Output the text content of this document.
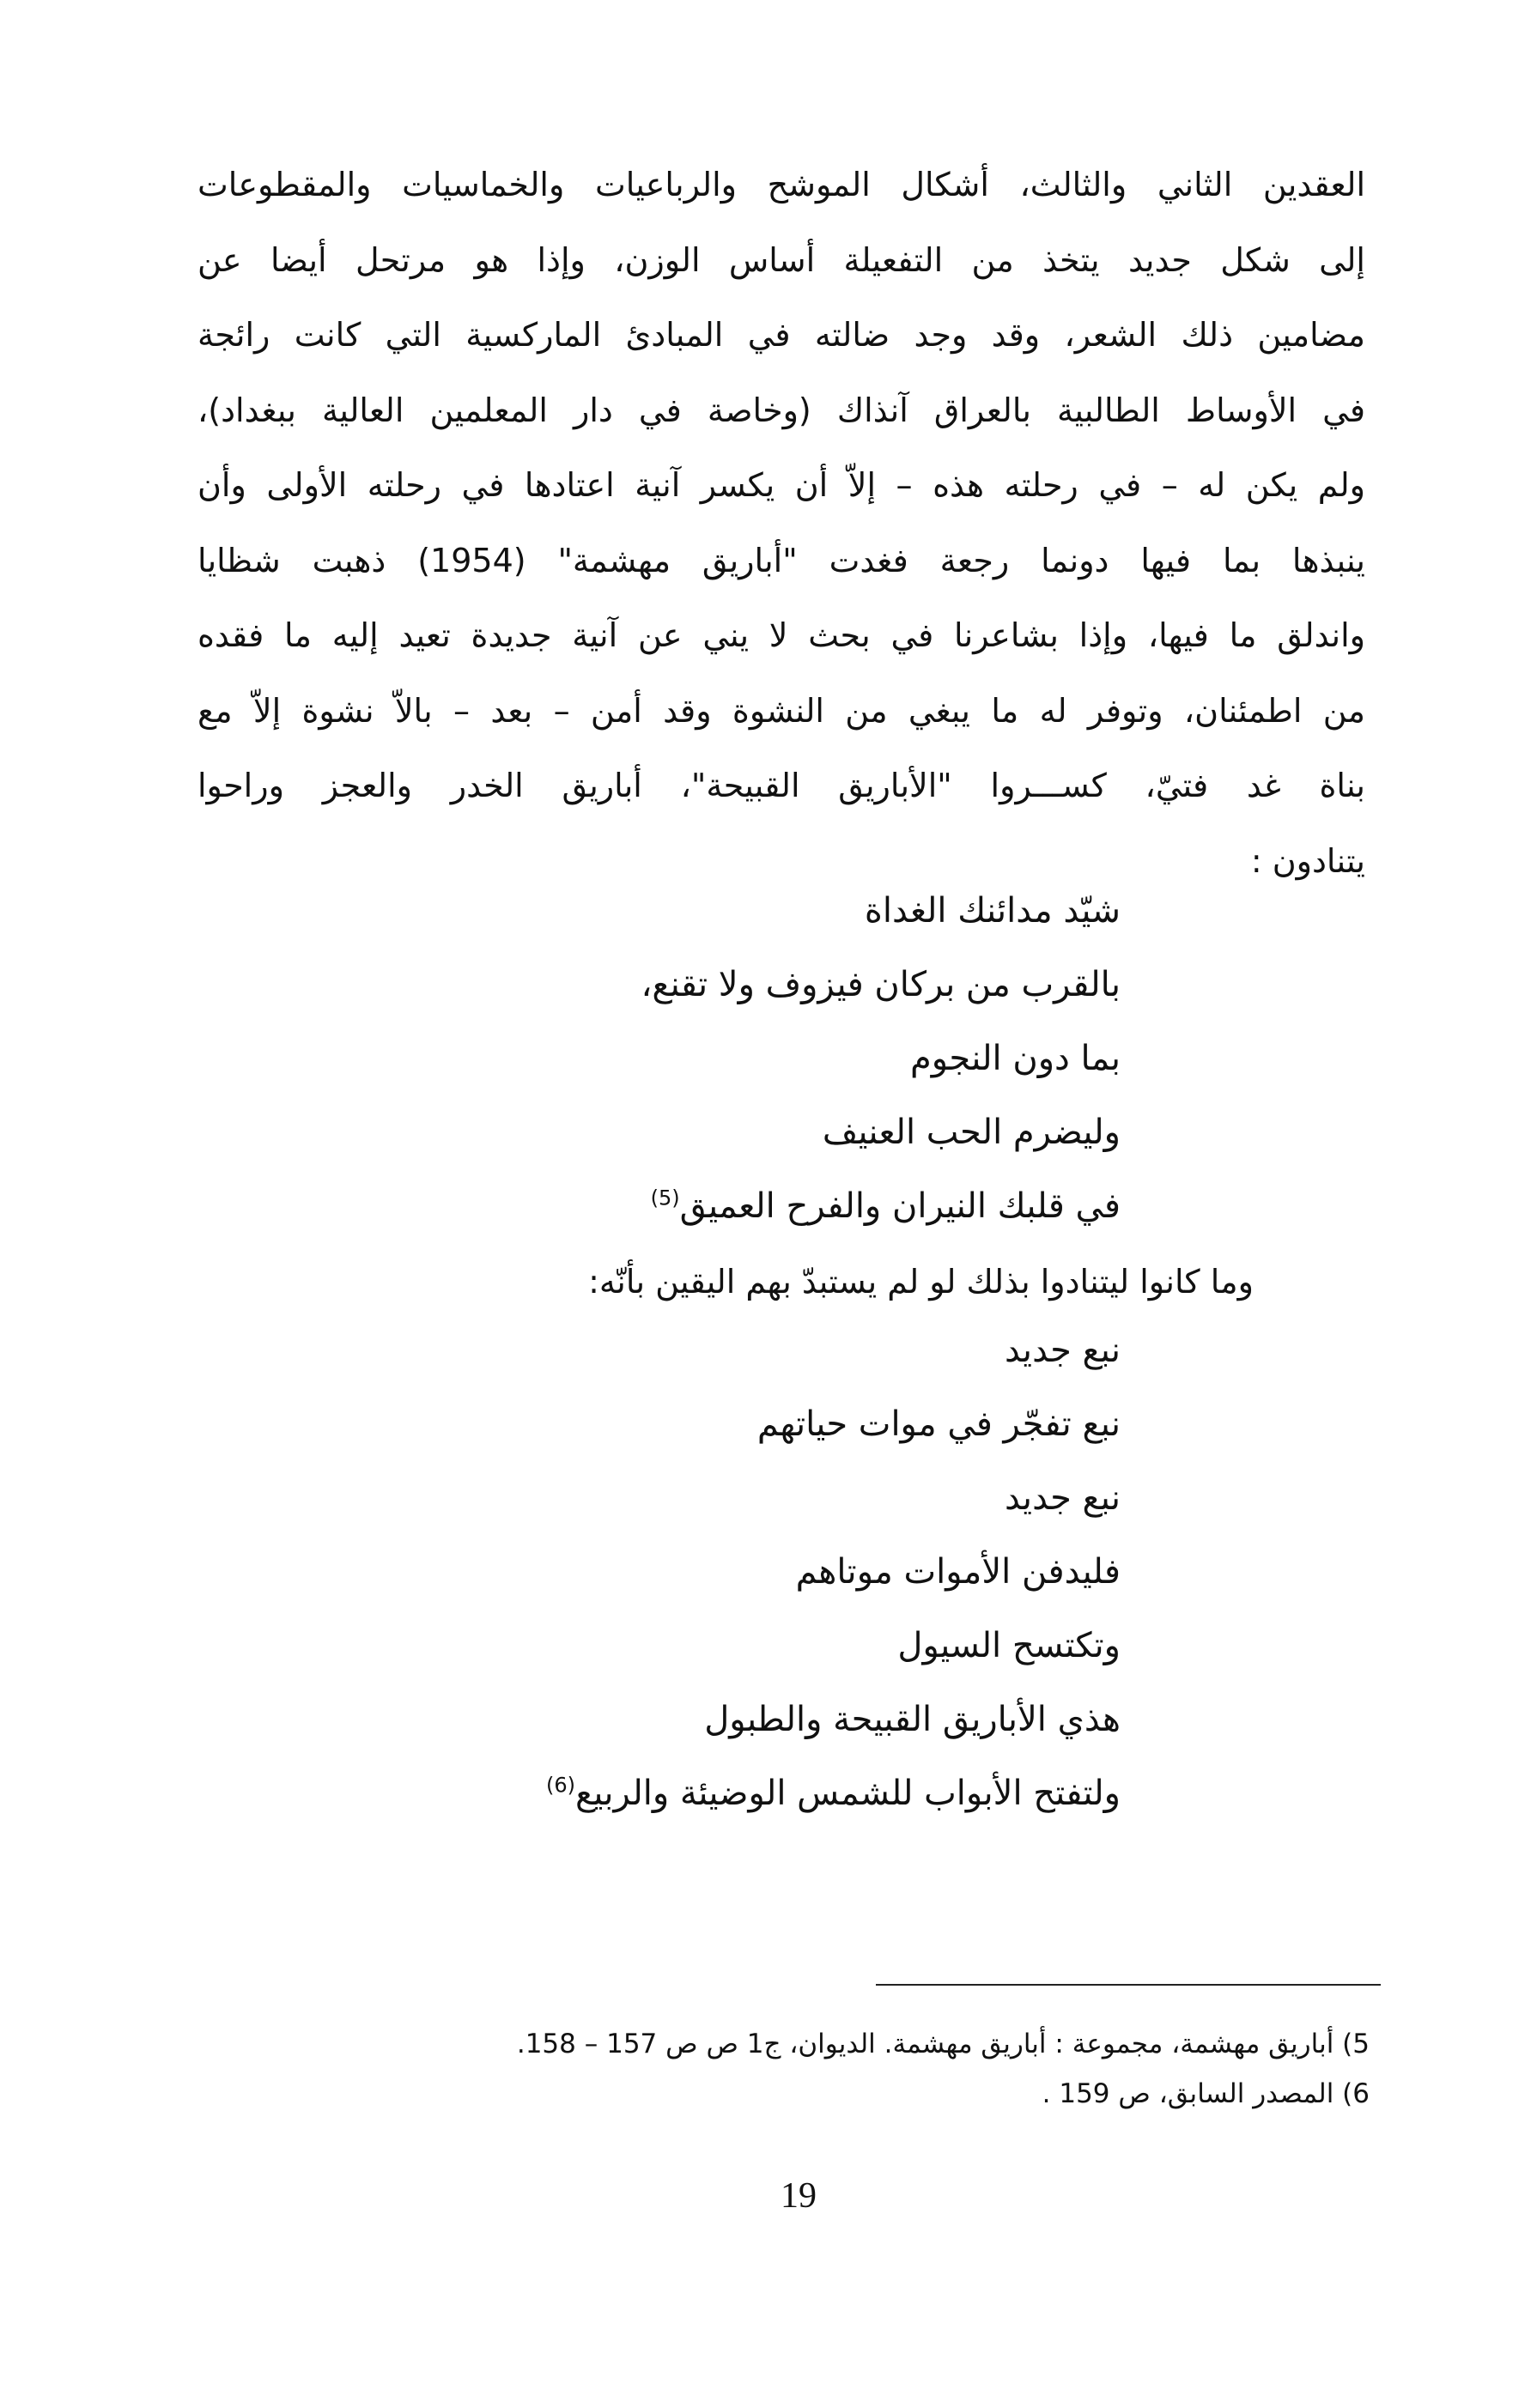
العقدين الثاني والثالث، أشكال الموشح والرباعيات والخماسيات والمقطوعات
إلى شكل جديد يتخذ من التفعيلة أساس الوزن، وإذا هو مرتحل أيضا عن
مضامين ذلك الشعر، وقد وجد ضالته في المبادئ الماركسية التي كانت رائجة
في الأوساط الطالبية بالعراق آنذاك (وخاصة في دار المعلمين العالية ببغداد)،
ولم يكن له – في رحلته هذه – إلاّ أن يكسر آنية اعتادها في رحلته الأولى وأن
ينبذها بما فيها دونما رجعة فغدت "أباريق مهشمة" (1954) ذهبت شظايا
واندلق ما فيها، وإذا بشاعرنا في بحث لا يني عن آنية جديدة تعيد إليه ما فقده
من اطمئنان، وتوفر له ما يبغي من النشوة وقد أمن – بعد – بالاّ نشوة إلاّ مع
بناة غد فتيّ، كســـروا "الأباريق القبيحة"، أباريق الخدر والعجز وراحوا
يتنادون :
شيّد مدائنك الغداة
بالقرب من بركان فيزوف ولا تقنع،
بما دون النجوم
وليضرم الحب العنيف
في قلبك النيران والفرح العميق$^{(5)}$
وما كانوا ليتنادوا بذلك لو لم يستبدّ بهم اليقين بأنّه:
نبع جديد
نبع تفجّر في موات حياتهم
نبع جديد
فليدفن الأموات موتاهم
وتكتسح السيول
هذي الأباريق القبيحة والطبول
ولتفتح الأبواب للشمس الوضيئة والربيع$^{(6)}$
5) أباريق مهشمة، مجموعة : أباريق مهشمة. الديوان، ج1 ص ص 157 – 158.
6) المصدر السابق، ص 159 .
19
